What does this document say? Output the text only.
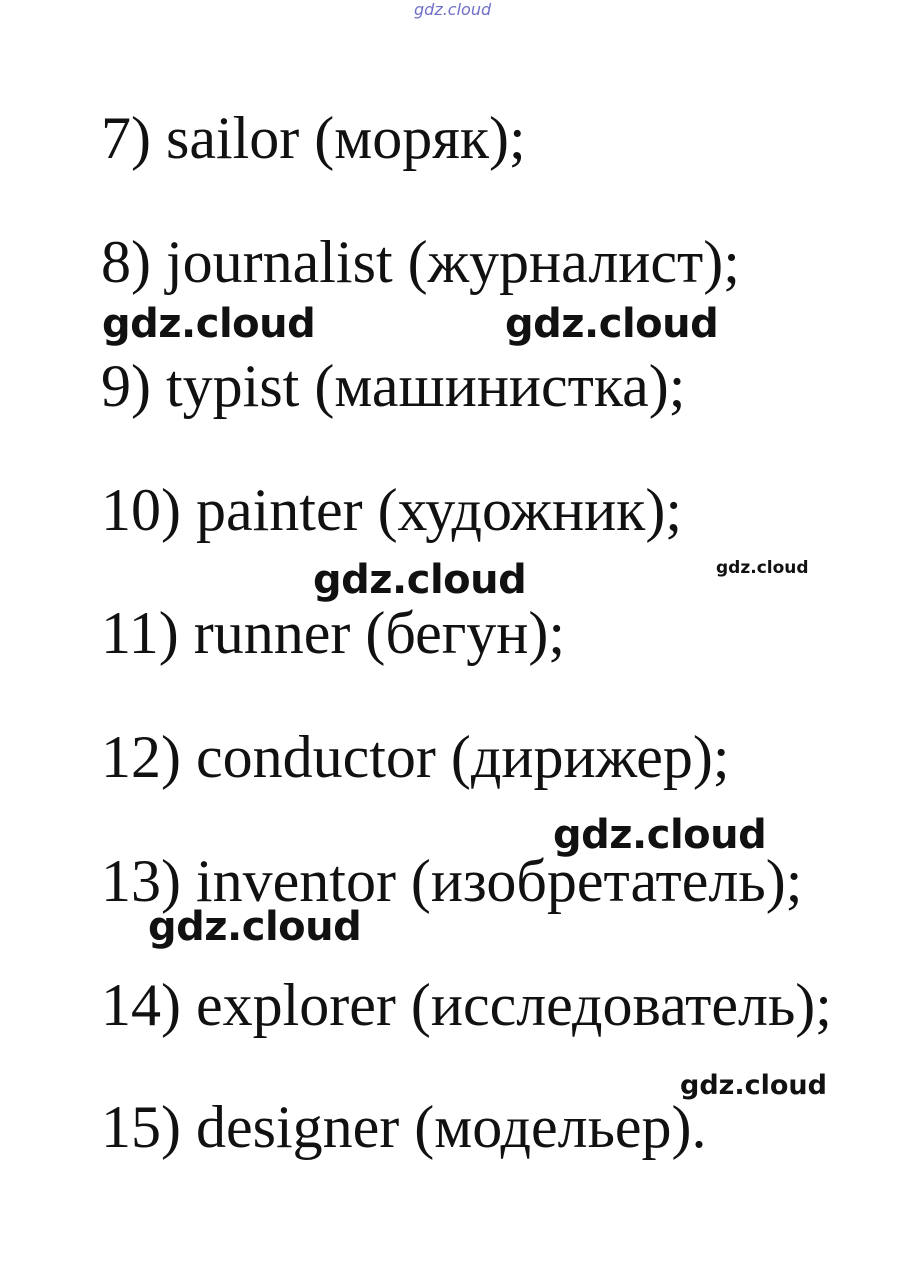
gdz.cloud
7) sailor (моряк);
8) journalist (журналист);
9) typist (машинистка);
10) painter (художник);
11) runner (бегун);
12) conductor (дирижер);
13) inventor (изобретатель);
14) explorer (исследователь);
15) designer (модельер).
gdz.cloud	gdz.cloud
gdz.cloud	gdz.cloud
gdz.cloud
gdz.cloud
gdz.cloud
